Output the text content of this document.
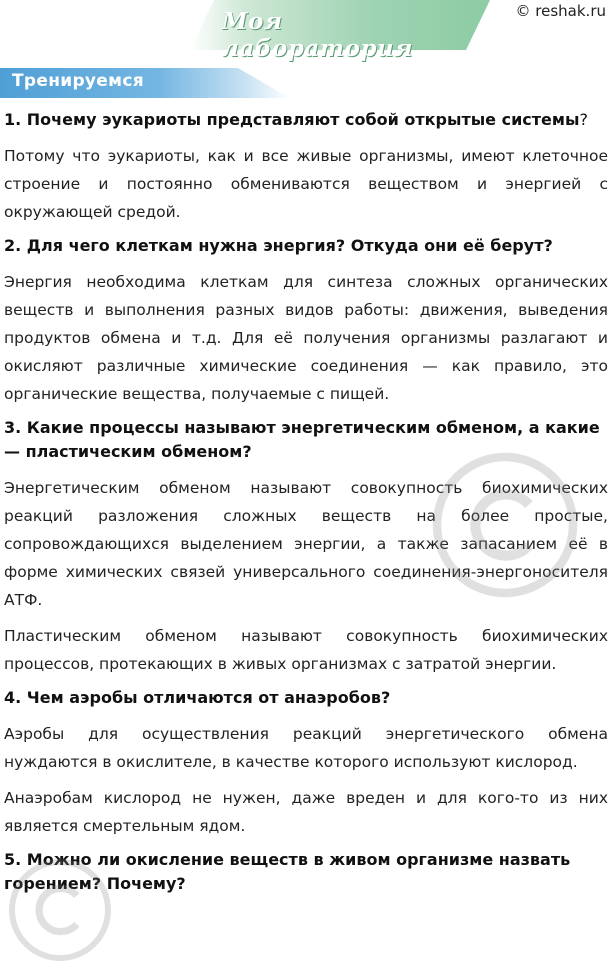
Моя лаборатория
© reshak.ru
Тренируемся

1. Почему эукариоты представляют собой открытые системы?

Потому что эукариоты, как и все живые организмы, имеют клеточное строение и постоянно обмениваются веществом и энергией с окружающей средой.

2. Для чего клеткам нужна энергия? Откуда они её берут?

Энергия необходима клеткам для синтеза сложных органических веществ и выполнения разных видов работы: движения, выведения продуктов обмена и т.д. Для её получения организмы разлагают и окисляют различные химические соединения — как правило, это органические вещества, получаемые с пищей.

3. Какие процессы называют энергетическим обменом, а какие — пластическим обменом?

Энергетическим обменом называют совокупность биохимических реакций разложения сложных веществ на более простые, сопровождающихся выделением энергии, а также запасанием её в форме химических связей универсального соединения-энергоносителя АТФ.

Пластическим обменом называют совокупность биохимических процессов, протекающих в живых организмах с затратой энергии.

4. Чем аэробы отличаются от анаэробов?

Аэробы для осуществления реакций энергетического обмена нуждаются в окислителе, в качестве которого используют кислород.

Анаэробам кислород не нужен, даже вреден и для кого-то из них является смертельным ядом.

5. Можно ли окисление веществ в живом организме назвать горением? Почему?
